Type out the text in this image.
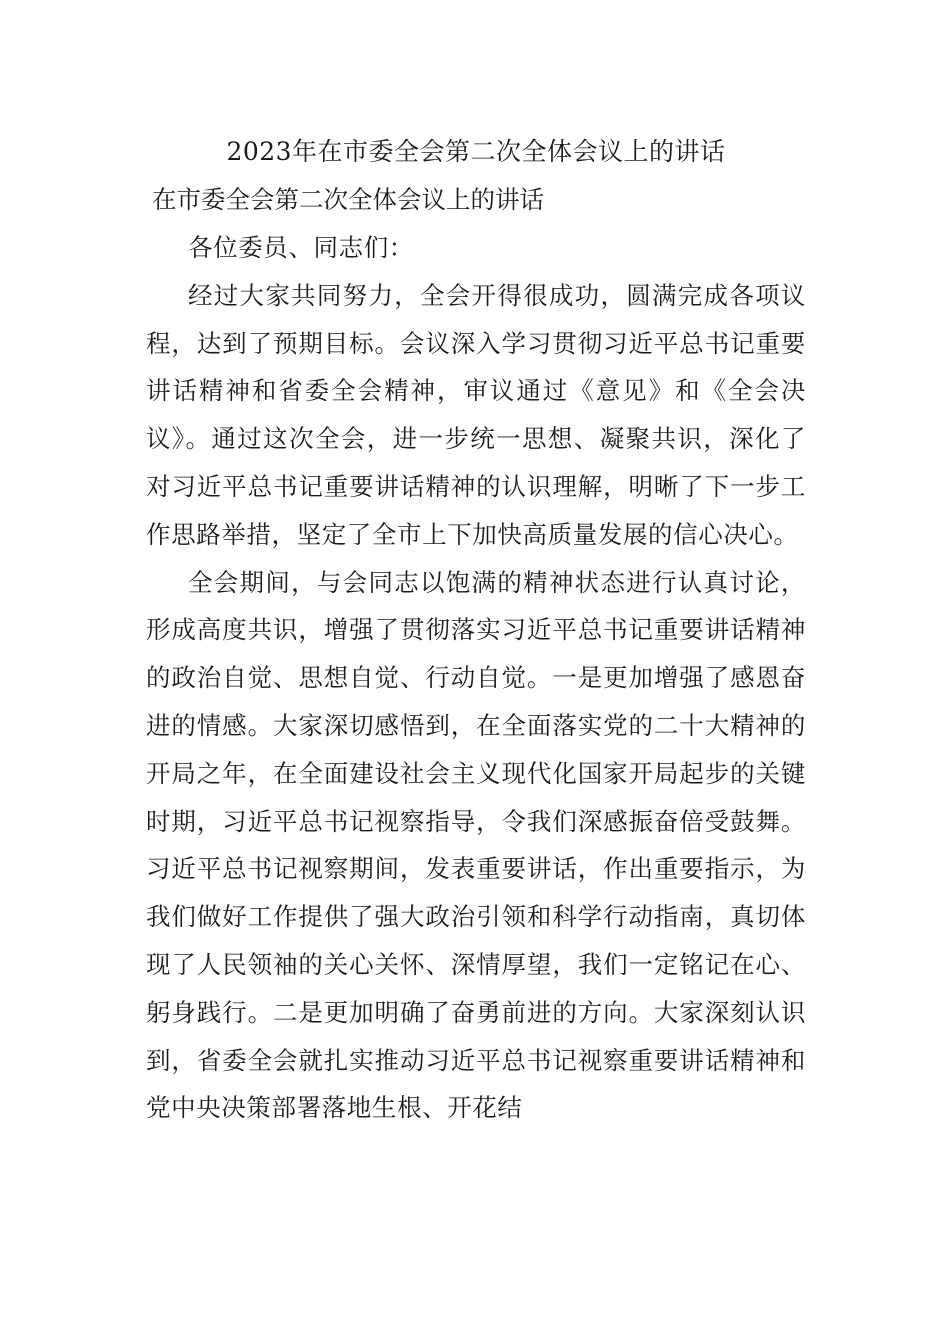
2023年在市委全会第二次全体会议上的讲话
在市委全会第二次全体会议上的讲话

各位委员、同志们：

经过大家共同努力，全会开得很成功，圆满完成各项议程，达到了预期目标。会议深入学习贯彻习近平总书记重要讲话精神和省委全会精神，审议通过《意见》和《全会决议》。通过这次全会，进一步统一思想、凝聚共识，深化了对习近平总书记重要讲话精神的认识理解，明晰了下一步工作思路举措，坚定了全市上下加快高质量发展的信心决心。

全会期间，与会同志以饱满的精神状态进行认真讨论，形成高度共识，增强了贯彻落实习近平总书记重要讲话精神的政治自觉、思想自觉、行动自觉。一是更加增强了感恩奋进的情感。大家深切感悟到，在全面落实党的二十大精神的开局之年，在全面建设社会主义现代化国家开局起步的关键时期，习近平总书记视察指导，令我们深感振奋倍受鼓舞。习近平总书记视察期间，发表重要讲话，作出重要指示，为我们做好工作提供了强大政治引领和科学行动指南，真切体现了人民领袖的关心关怀、深情厚望，我们一定铭记在心、躬身践行。二是更加明确了奋勇前进的方向。大家深刻认识到，省委全会就扎实推动习近平总书记视察重要讲话精神和党中央决策部署落地生根、开花结
